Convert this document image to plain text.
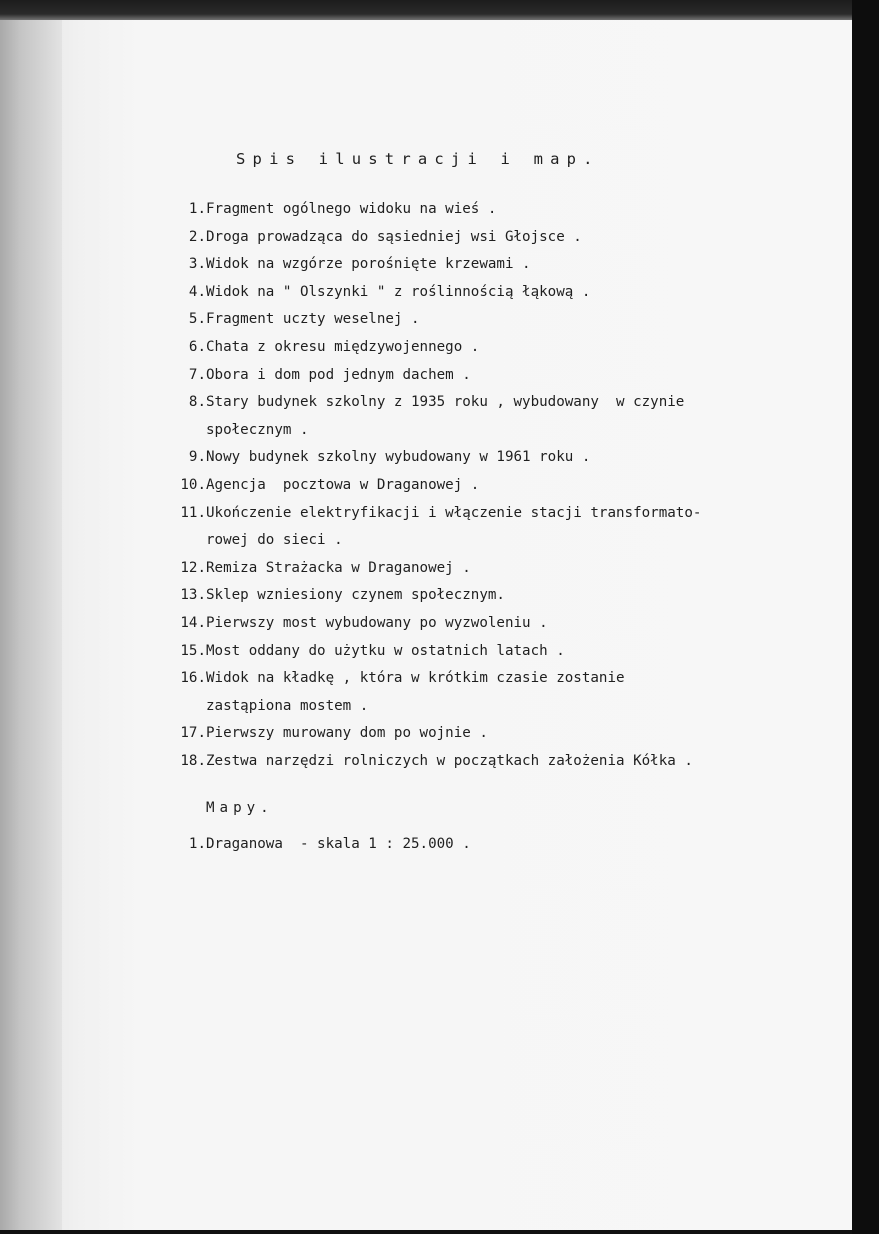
Spis ilustracji i map.
1. Fragment ogólnego widoku na wieś .
2. Droga prowadząca do sąsiedniej wsi Głojsce .
3. Widok na wzgórze porośnięte krzewami .
4. Widok na " Olszynki " z roślinnością łąkową .
5. Fragment uczty weselnej .
6. Chata z okresu międzywojennego .
7. Obora i dom pod jednym dachem .
8. Stary budynek szkolny z 1935 roku , wybudowany  w czynie
społecznym .
9. Nowy budynek szkolny wybudowany w 1961 roku .
10. Agencja  pocztowa w Draganowej .
11. Ukończenie elektryfikacji i włączenie stacji transformato-
rowej do sieci .
12. Remiza Strażacka w Draganowej .
13. Sklep wzniesiony czynem społecznym.
14. Pierwszy most wybudowany po wyzwoleniu .
15. Most oddany do użytku w ostatnich latach .
16. Widok na kładkę , która w krótkim czasie zostanie
zastąpiona mostem .
17. Pierwszy murowany dom po wojnie .
18. Zestwa narzędzi rolniczych w początkach założenia Kółka .
Mapy.
1. Draganowa  - skala 1 : 25.000 .
